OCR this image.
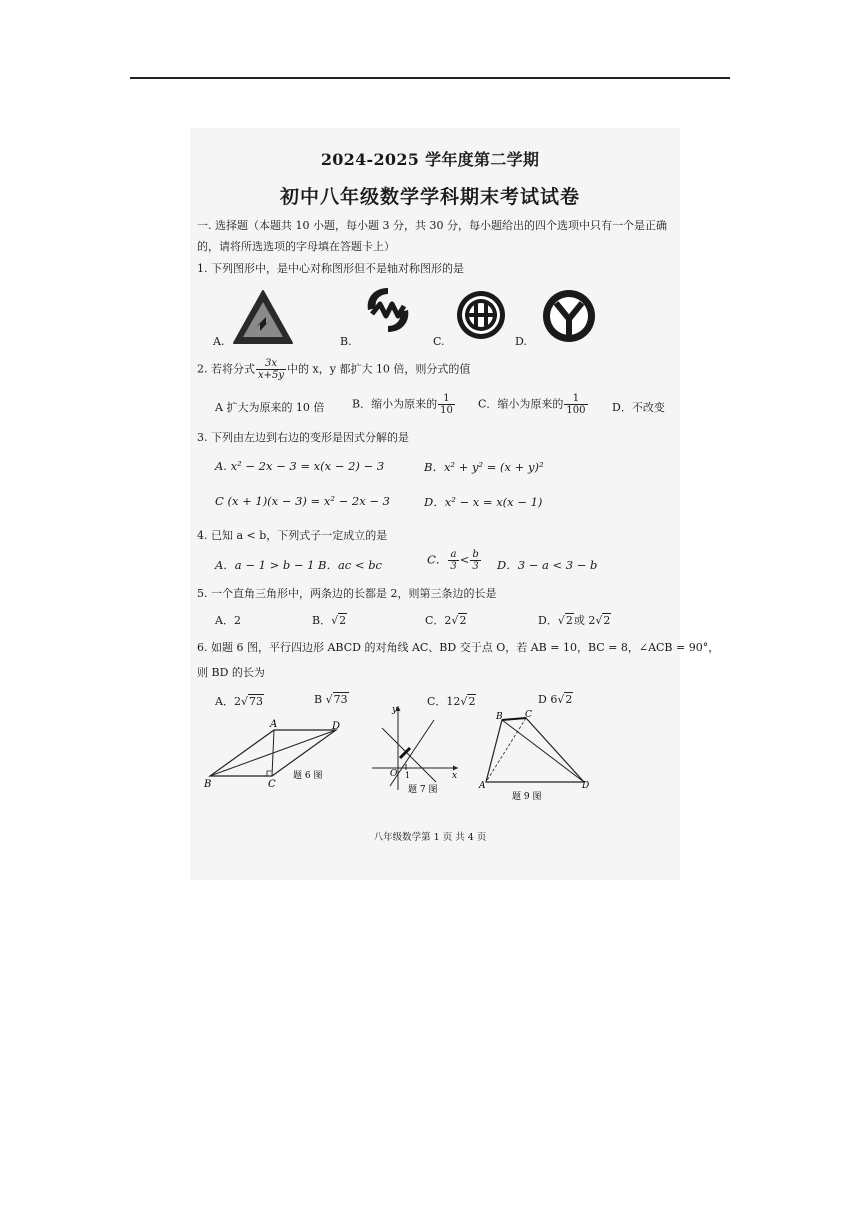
2024-2025 学年度第二学期
初中八年级数学学科期末考试试卷
一. 选择题（本题共 10 小题，每小题 3 分，共 30 分，每小题给出的四个选项中只有一个是正确
的，请将所选选项的字母填在答题卡上）
1. 下列图形中，是中心对称图形但不是轴对称图形的是
A.	B.	C.	D.
2. 若将分式 $\frac{3x}{x+5y}$ 中的 x，y 都扩大 10 倍，则分式的值
A 扩大为原来的 10 倍	B．缩小为原来的 $\frac{1}{10}$ C．缩小为原来的 $\frac{1}{100}$ D．不改变
3. 下列由左边到右边的变形是因式分解的是
A. x² − 2x − 3 = x(x − 2) − 3	B．x² + y² = (x + y)²
C (x + 1)(x − 3) = x² − 2x − 3	D．x² − x = x(x − 1)
4. 已知 a < b，下列式子一定成立的是
A．a − 1 > b − 1 B．ac < bc	C． $\frac{a}{3} < \frac{b}{3}$ D．3 − a < 3 − b
5. 一个直角三角形中，两条边的长都是 2，则第三条边的长是
A．2	B．√2	C．2√2	D．√2或 2√2
6. 如题 6 图，平行四边形 ABCD 的对角线 AC、BD 交于点 O，若 AB = 10，BC = 8，∠ACB = 90°，
则 BD 的长为
A．2√73	B √73	C．12√2	D 6√2
A	D
B	C
题 6 图
y
x
O 1
题 7 图
B C
A	D
题 9 图
八年级数学第 1 页 共 4 页
